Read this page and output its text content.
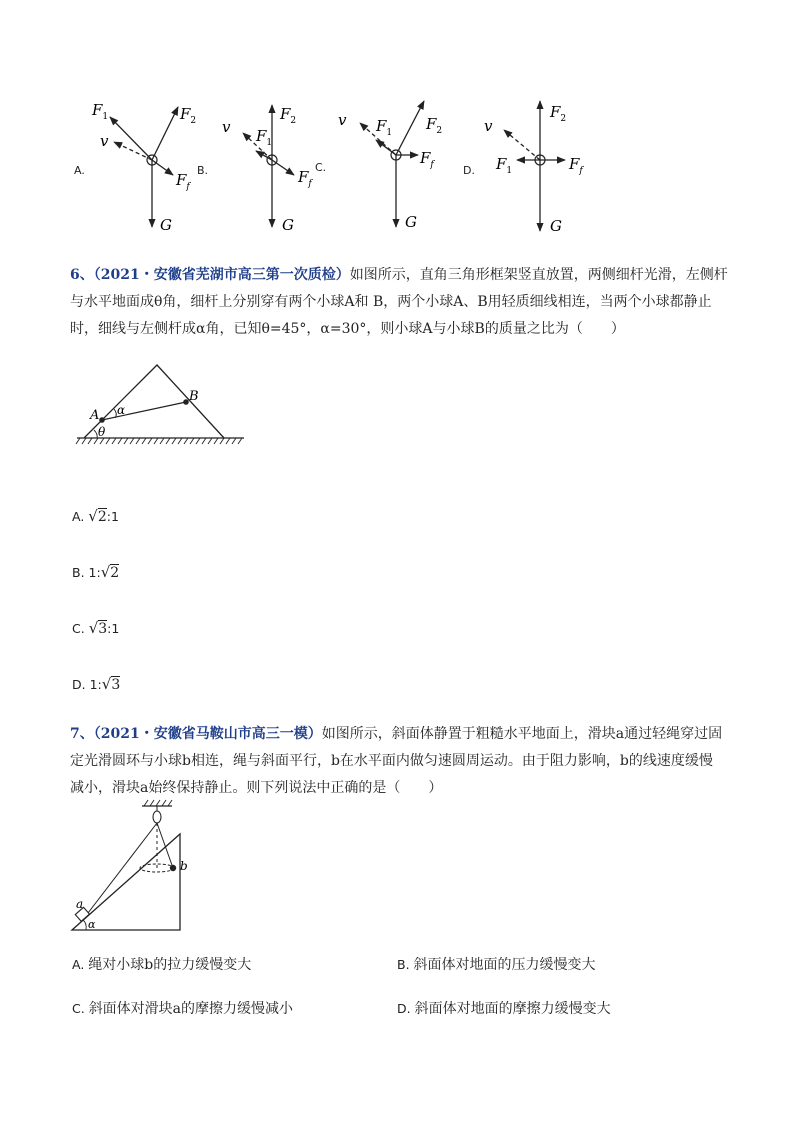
$F_1$	$F_2$
v
$F_f$
G
$F_2$
v $F_1$
$F_f$
G
$F_2$
v $F_1$
$F_f$
G
$F_2$
v
$F_1$	$F_f$
G
A.	B.	C.	D.
6、（2021・安徽省芜湖市高三第一次质检）如图所示，直角三角形框架竖直放置，两侧细杆光滑，左侧杆
与水平地面成θ角，细杆上分别穿有两个小球A和 B，两个小球A、B用轻质细线相连，当两个小球都静止
时，细线与左侧杆成α角，已知θ=45°，α=30°，则小球A与小球B的质量之比为（　　）
A
B
α
θ
A. √2:1
B. 1:√2
C. √3:1
D. 1:√3
7、（2021・安徽省马鞍山市高三一模）如图所示，斜面体静置于粗糙水平地面上，滑块a通过轻绳穿过固
定光滑圆环与小球b相连，绳与斜面平行，b在水平面内做匀速圆周运动。由于阻力影响，b的线速度缓慢
减小，滑块a始终保持静止。则下列说法中正确的是（　　）
a
α
b
A. 绳对小球b的拉力缓慢变大	B. 斜面体对地面的压力缓慢变大
C. 斜面体对滑块a的摩擦力缓慢减小	D. 斜面体对地面的摩擦力缓慢变大
